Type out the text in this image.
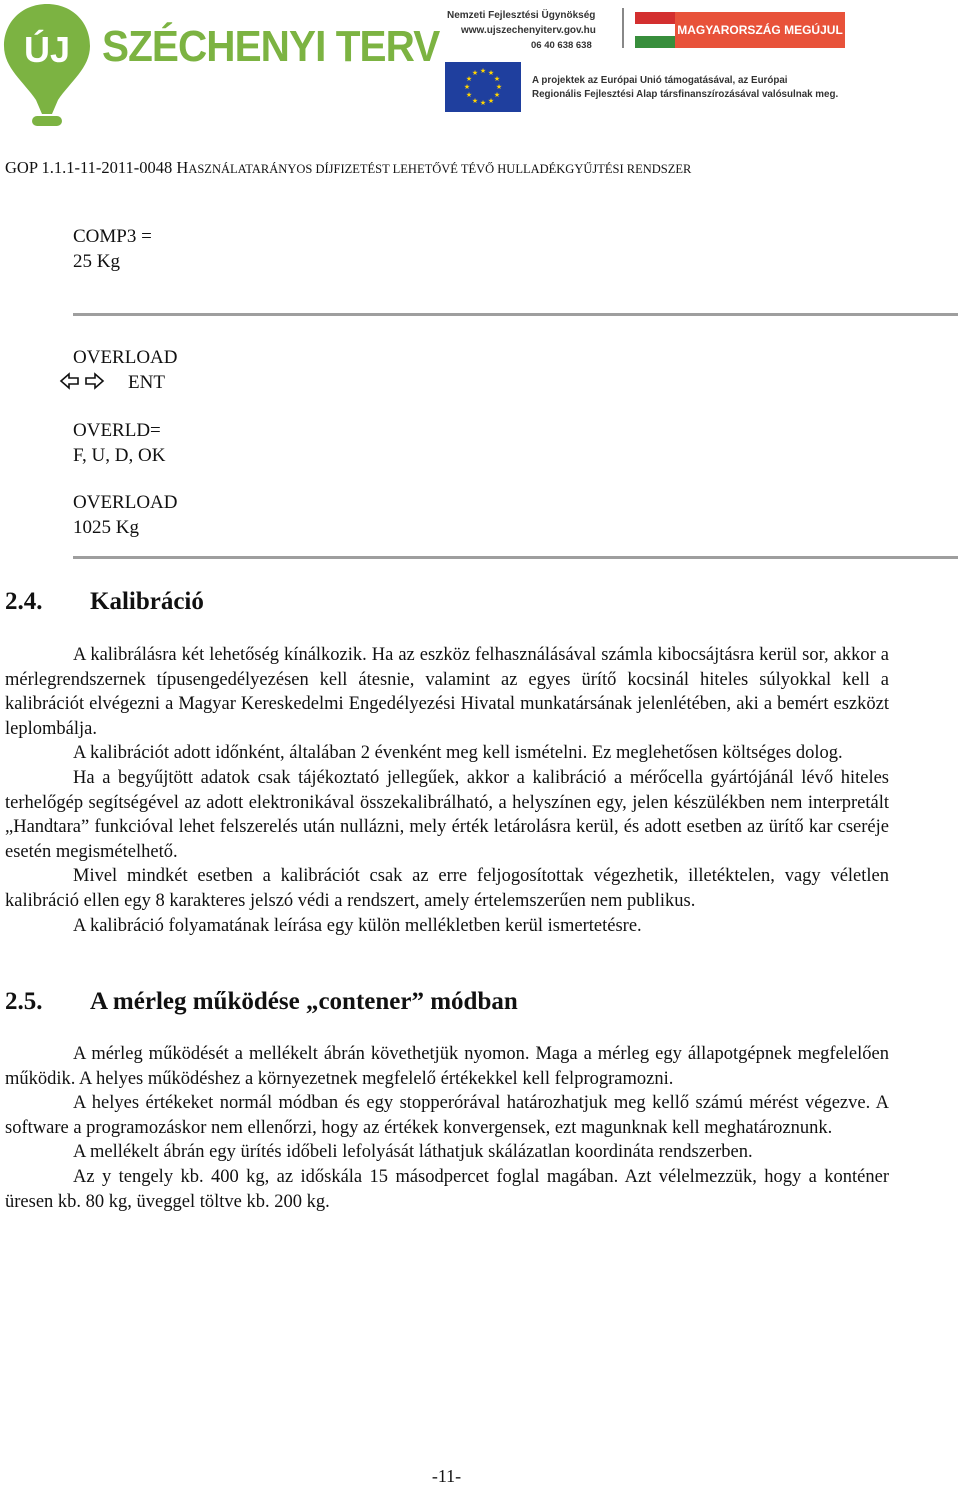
ÚJ SZÉCHENYI TERV
Nemzeti Fejlesztési Ügynökség
www.ujszechenyiterv.gov.hu
06 40 638 638
MAGYARORSZÁG MEGÚJUL
★ ★
★
★
★
★
★
★
★
★
★
★
A projektek az Európai Unió támogatásával, az Európai
Regionális Fejlesztési Alap társfinanszírozásával valósulnak meg.
GOP 1.1.1-11-2011-0048 HASZNÁLATARÁNYOS DÍJFIZETÉST LEHETŐVÉ TÉVŐ HULLADÉKGYŰJTÉSI RENDSZER
COMP3 =
25 Kg
OVERLOAD
ENT
OVERLD=
F, U, D, OK
OVERLOAD
1025 Kg
2.4. Kalibráció

A kalibrálásra két lehetőség kínálkozik. Ha az eszköz felhasználásával számla kibocsájtásra kerül sor, akkor a mérlegrendszernek típusengedélyezésen kell átesnie, valamint az egyes ürítő kocsinál hiteles súlyokkal kell a kalibrációt elvégezni a Magyar Kereskedelmi Engedélyezési Hivatal munkatársának jelenlétében, aki a bemért eszközt leplombálja.

A kalibrációt adott időnként, általában 2 évenként meg kell ismételni. Ez meglehetősen költséges dolog.

Ha a begyűjtött adatok csak tájékoztató jellegűek, akkor a kalibráció a mérőcella gyártójánál lévő hiteles terhelőgép segítségével az adott elektronikával összekalibrálható, a helyszínen egy, jelen készülékben nem interpretált „Handtara” funkcióval lehet felszerelés után nullázni, mely érték letárolásra kerül, és adott esetben az ürítő kar cseréje esetén megismételhető.

Mivel mindkét esetben a kalibrációt csak az erre feljogosítottak végezhetik, illetéktelen, vagy véletlen kalibráció ellen egy 8 karakteres jelszó védi a rendszert, amely értelemszerűen nem publikus.

A kalibráció folyamatának leírása egy külön mellékletben kerül ismertetésre.

2.5. A mérleg működése „contener” módban

A mérleg működését a mellékelt ábrán követhetjük nyomon. Maga a mérleg egy állapotgépnek megfelelően működik. A helyes működéshez a környezetnek megfelelő értékekkel kell felprogramozni.

A helyes értékeket normál módban és egy stopperórával határozhatjuk meg kellő számú mérést végezve. A software a programozáskor nem ellenőrzi, hogy az értékek konvergensek, ezt magunknak kell meghatároznunk.

A mellékelt ábrán egy ürítés időbeli lefolyását láthatjuk skálázatlan koordináta rendszerben.

Az y tengely kb. 400 kg, az időskála 15 másodpercet foglal magában. Azt vélelmezzük, hogy a konténer üresen kb. 80 kg, üveggel töltve kb. 200 kg.

-11-
